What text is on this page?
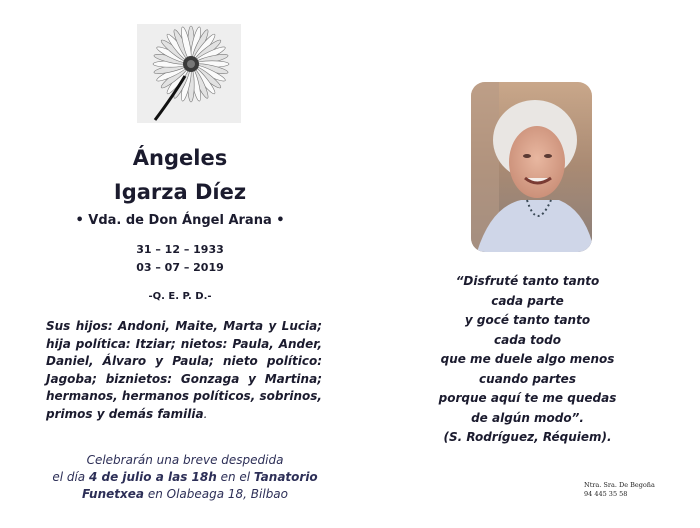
Ángeles
Igarza Díez
• Vda. de Don Ángel Arana •
31 – 12 – 1933
03 – 07 – 2019
-Q. E. P. D.-
Sus hijos: Andoni, Maite, Marta y Lucia; hija política: Itziar; nietos: Paula, Ander, Daniel, Álvaro y Paula; nieto político: Jagoba; biznietos: Gonzaga y Martina; hermanos, hermanos políticos, sobrinos, primos y demás familia.
Celebrarán una breve despedida
el día 4 de julio a las 18h en el Tanatorio
Funetxea en Olabeaga 18, Bilbao
“Disfruté tanto tanto
cada parte
y gocé tanto tanto
cada todo
que me duele algo menos
cuando partes
porque aquí te me quedas
de algún modo”.
(S. Rodríguez, Réquiem).
Ntra. Sra. De Begoña
94 445 35 58
